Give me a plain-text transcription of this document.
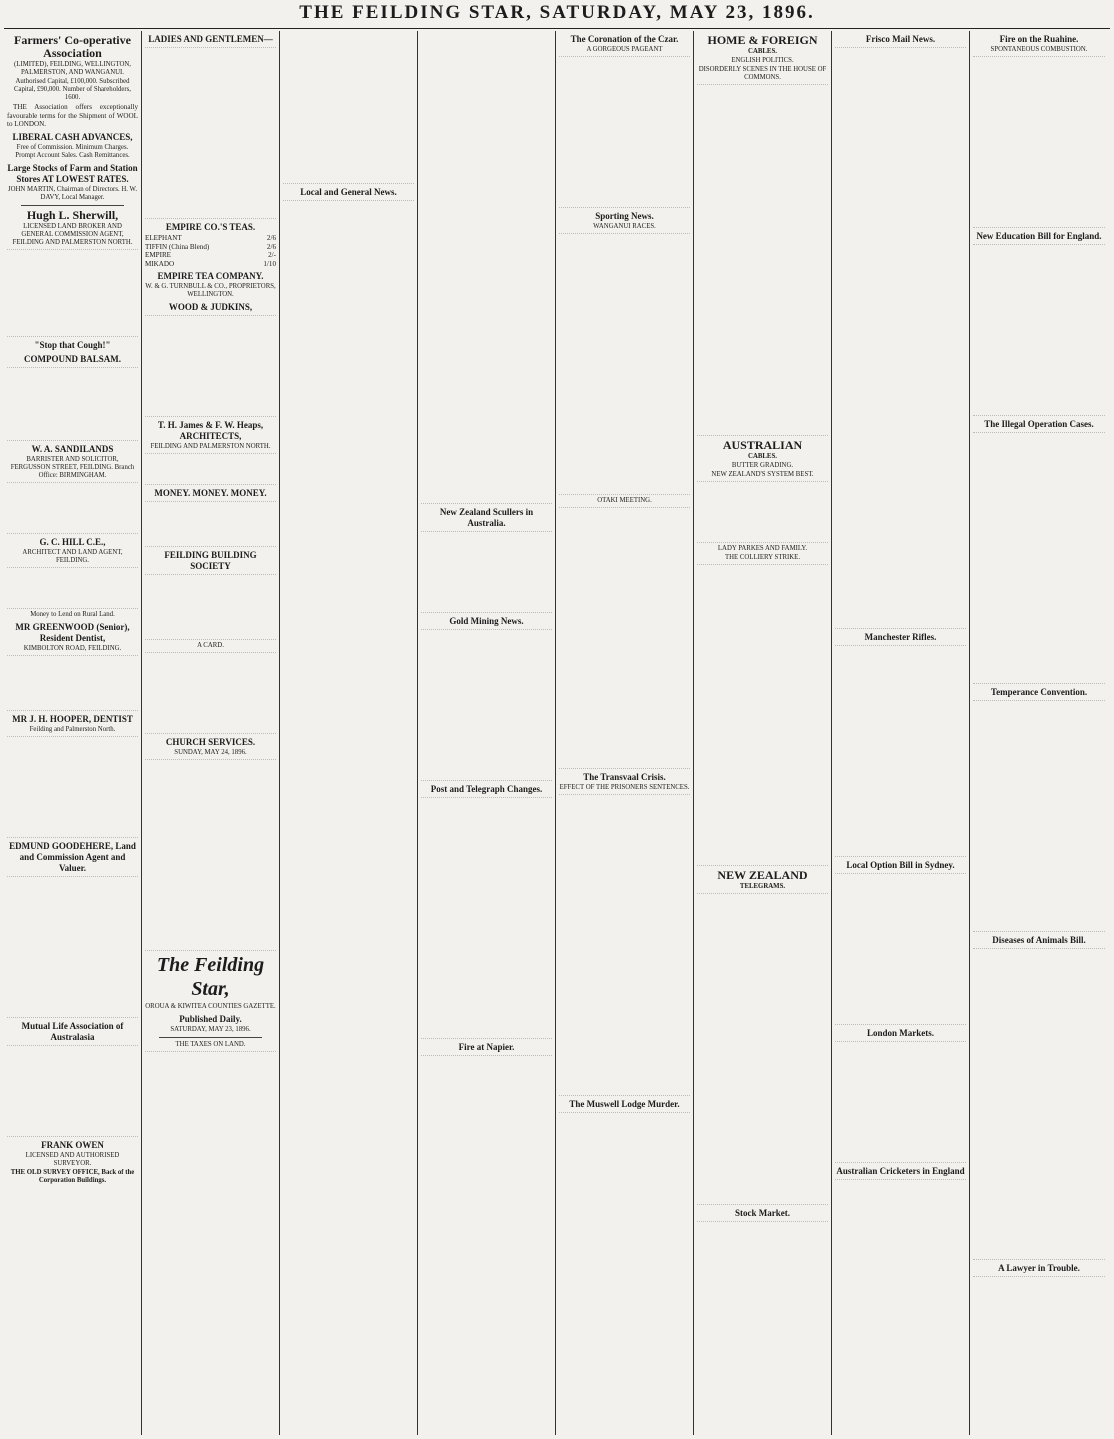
THE FEILDING STAR, SATURDAY, MAY 23, 1896.
Farmers' Co-operative Association
(LIMITED), FEILDING, WELLINGTON, PALMERSTON, AND WANGANUI.
Authorised Capital, £100,000. Subscribed Capital, £90,000. Number of Shareholders, 1600.

THE Association offers exceptionally favourable terms for the Shipment of WOOL to LONDON.

LIBERAL CASH ADVANCES,
Free of Commission. Minimum Charges. Prompt Account Sales. Cash Remittances.
Large Stocks of Farm and Station Stores AT LOWEST RATES.
JOHN MARTIN, Chairman of Directors. H. W. DAVY, Local Manager.
Hugh L. Sherwill,
LICENSED LAND BROKER AND GENERAL COMMISSION AGENT, FEILDING AND PALMERSTON NORTH.
"Stop that Cough!"
COMPOUND BALSAM.
W. A. SANDILANDS
BARRISTER AND SOLICITOR, FERGUSSON STREET, FEILDING. Branch Office: BIRMINGHAM.
G. C. HILL C.E.,
ARCHITECT AND LAND AGENT, FEILDING.
Money to Lend on Rural Land.
MR GREENWOOD (Senior), Resident Dentist,
KIMBOLTON ROAD, FEILDING.
MR J. H. HOOPER, DENTIST
Feilding and Palmerston North.
EDMUND GOODEHERE, Land and Commission Agent and Valuer.
Mutual Life Association of Australasia
FRANK OWEN
LICENSED AND AUTHORISED SURVEYOR.
THE OLD SURVEY OFFICE, Back of the Corporation Buildings.
LADIES AND GENTLEMEN—
EMPIRE CO.'S TEAS.
ELEPHANT	2/6
TIFFIN (China Blend)	2/6
EMPIRE	2/-
MIKADO	1/10
EMPIRE TEA COMPANY.
W. & G. TURNBULL & CO., PROPRIETORS, WELLINGTON.
WOOD & JUDKINS,
T. H. James & F. W. Heaps, ARCHITECTS,
FEILDING AND PALMERSTON NORTH.
MONEY. MONEY. MONEY.
FEILDING BUILDING SOCIETY
A CARD.
CHURCH SERVICES.
SUNDAY, MAY 24, 1896.
The Feilding Star,
OROUA & KIWITEA COUNTIES GAZETTE.
Published Daily.
SATURDAY, MAY 23, 1896.
THE TAXES ON LAND.
Local and General News.
New Zealand Scullers in Australia.
Gold Mining News.
Post and Telegraph Changes.
Fire at Napier.
The Coronation of the Czar.
A GORGEOUS PAGEANT
Sporting News.
WANGANUI RACES.
OTAKI MEETING.
The Transvaal Crisis.
EFFECT OF THE PRISONERS SENTENCES.
The Muswell Lodge Murder.
HOME & FOREIGN
CABLES.
ENGLISH POLITICS.
DISORDERLY SCENES IN THE HOUSE OF COMMONS.
AUSTRALIAN
CABLES.
BUTTER GRADING.
NEW ZEALAND'S SYSTEM BEST.
LADY PARKES AND FAMILY.
THE COLLIERY STRIKE.
NEW ZEALAND
TELEGRAMS.
Stock Market.
Frisco Mail News.
Manchester Rifles.
Local Option Bill in Sydney.
London Markets.
Australian Cricketers in England
Fire on the Ruahine.
SPONTANEOUS COMBUSTION.
New Education Bill for England.
The Illegal Operation Cases.
Temperance Convention.
Diseases of Animals Bill.
A Lawyer in Trouble.
